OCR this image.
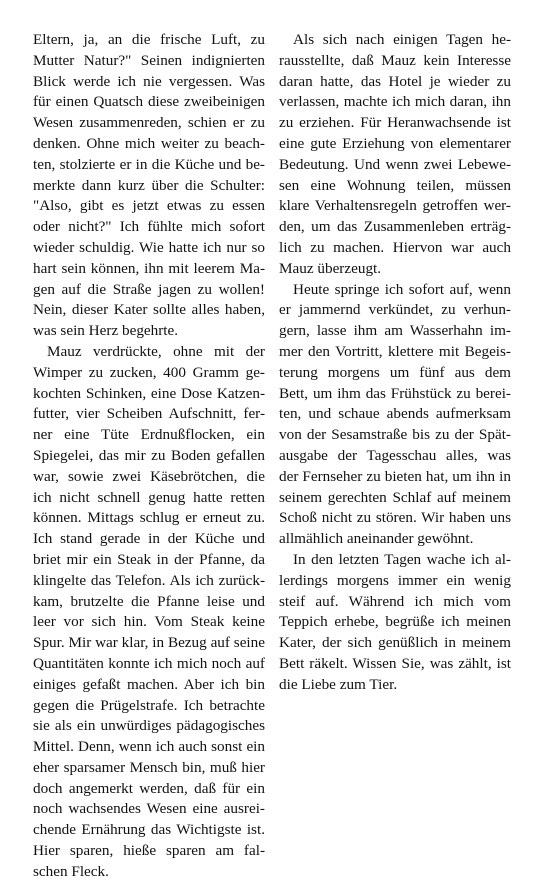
Eltern, ja, an die frische Luft, zu
Mutter Natur?" Seinen indignierten
Blick werde ich nie vergessen. Was
für einen Quatsch diese zweibeinigen
Wesen zusammenreden, schien er zu
denken. Ohne mich weiter zu beach-
ten, stolzierte er in die Küche und be-
merkte dann kurz über die Schulter:
"Also, gibt es jetzt etwas zu essen
oder nicht?" Ich fühlte mich sofort
wieder schuldig. Wie hatte ich nur so
hart sein können, ihn mit leerem Ma-
gen auf die Straße jagen zu wollen!
Nein, dieser Kater sollte alles haben,
was sein Herz begehrte.
Mauz verdrückte, ohne mit der
Wimper zu zucken, 400 Gramm ge-
kochten Schinken, eine Dose Katzen-
futter, vier Scheiben Aufschnitt, fer-
ner eine Tüte Erdnußflocken, ein
Spiegelei, das mir zu Boden gefallen
war, sowie zwei Käsebrötchen, die
ich nicht schnell genug hatte retten
können. Mittags schlug er erneut zu.
Ich stand gerade in der Küche und
briet mir ein Steak in der Pfanne, da
klingelte das Telefon. Als ich zurück-
kam, brutzelte die Pfanne leise und
leer vor sich hin. Vom Steak keine
Spur. Mir war klar, in Bezug auf seine
Quantitäten konnte ich mich noch auf
einiges gefaßt machen. Aber ich bin
gegen die Prügelstrafe. Ich betrachte
sie als ein unwürdiges pädagogisches
Mittel. Denn, wenn ich auch sonst ein
eher sparsamer Mensch bin, muß hier
doch angemerkt werden, daß für ein
noch wachsendes Wesen eine ausrei-
chende Ernährung das Wichtigste ist.
Hier sparen, hieße sparen am fal-
schen Fleck.
Als sich nach einigen Tagen he-
rausstellte, daß Mauz kein Interesse
daran hatte, das Hotel je wieder zu
verlassen, machte ich mich daran, ihn
zu erziehen. Für Heranwachsende ist
eine gute Erziehung von elementarer
Bedeutung. Und wenn zwei Lebewe-
sen eine Wohnung teilen, müssen
klare Verhaltensregeln getroffen wer-
den, um das Zusammenleben erträg-
lich zu machen. Hiervon war auch
Mauz überzeugt.
Heute springe ich sofort auf, wenn
er jammernd verkündet, zu verhun-
gern, lasse ihm am Wasserhahn im-
mer den Vortritt, klettere mit Begeis-
terung morgens um fünf aus dem
Bett, um ihm das Frühstück zu berei-
ten, und schaue abends aufmerksam
von der Sesamstraße bis zu der Spät-
ausgabe der Tagesschau alles, was
der Fernseher zu bieten hat, um ihn in
seinem gerechten Schlaf auf meinem
Schoß nicht zu stören. Wir haben uns
allmählich aneinander gewöhnt.
In den letzten Tagen wache ich al-
lerdings morgens immer ein wenig
steif auf. Während ich mich vom
Teppich erhebe, begrüße ich meinen
Kater, der sich genüßlich in meinem
Bett räkelt. Wissen Sie, was zählt, ist
die Liebe zum Tier.
